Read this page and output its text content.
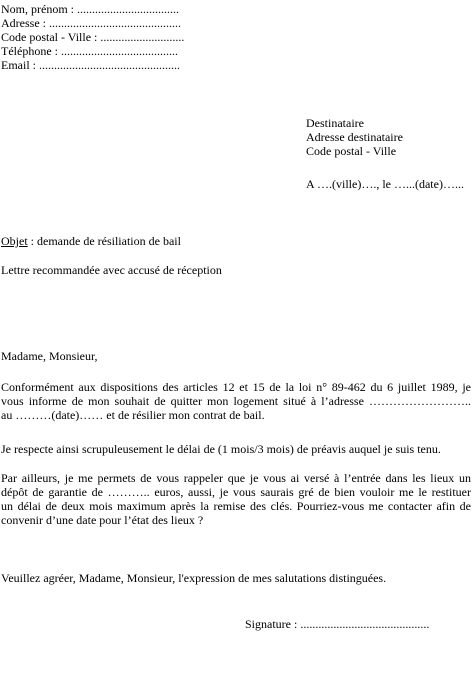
Nom, prénom : ..................................
Adresse : ............................................
Code postal - Ville : ............................
Téléphone : .......................................
Email : ...............................................
Destinataire
Adresse destinataire
Code postal - Ville
A ….(ville)…., le …...(date)…...
Objet : demande de résiliation de bail
Lettre recommandée avec accusé de réception
Madame, Monsieur,
Conformément aux dispositions des articles 12 et 15 de la loi n° 89-462 du 6 juillet 1989, je
vous informe de mon souhait de quitter mon logement situé à l’adresse ……………………..
au ………(date)…… et de résilier mon contrat de bail.
Je respecte ainsi scrupuleusement le délai de (1 mois/3 mois) de préavis auquel je suis tenu.
Par ailleurs, je me permets de vous rappeler que je vous ai versé à l’entrée dans les lieux un
dépôt de garantie de ……….. euros, aussi, je vous saurais gré de bien vouloir me le restituer
un délai de deux mois maximum après la remise des clés. Pourriez-vous me contacter afin de
convenir d’une date pour l’état des lieux ?
Veuillez agréer, Madame, Monsieur, l'expression de mes salutations distinguées.
Signature : ...........................................
